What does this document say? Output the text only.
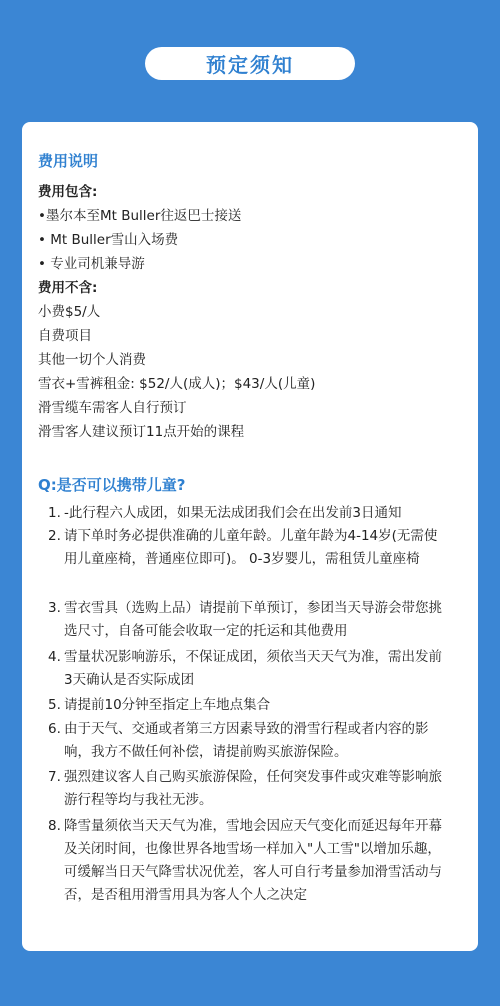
预定须知
费用说明
费用包含:
•墨尔本至Mt Buller往返巴士接送
• Mt Buller雪山入场费
• 专业司机兼导游
费用不含:
小费$5/人
自费项目
其他一切个人消费
雪衣+雪裤租金: $52/人(成人)；$43/人(儿童)
滑雪缆车需客人自行预订
滑雪客人建议预订11点开始的课程
Q:是否可以携带儿童?
1. -此行程六人成团，如果无法成团我们会在出发前3日通知
2. 请下单时务必提供准确的儿童年龄。儿童年龄为4-14岁(无需使用儿童座椅，普通座位即可)。 0-3岁婴儿，需租赁儿童座椅
3. 雪衣雪具（选购上品）请提前下单预订，参团当天导游会带您挑选尺寸，自备可能会收取一定的托运和其他费用
4. 雪量状况影响游乐，不保证成团，须依当天天气为准，需出发前3天确认是否实际成团
5. 请提前10分钟至指定上车地点集合
6. 由于天气、交通或者第三方因素导致的滑雪行程或者内容的影响，我方不做任何补偿，请提前购买旅游保险。
7. 强烈建议客人自己购买旅游保险，任何突发事件或灾难等影响旅游行程等均与我社无涉。
8. 降雪量须依当天天气为准，雪地会因应天气变化而延迟每年开幕及关闭时间，也像世界各地雪场一样加入"人工雪"以增加乐趣，可缓解当日天气降雪状况优差，客人可自行考量参加滑雪活动与否，是否租用滑雪用具为客人个人之决定
